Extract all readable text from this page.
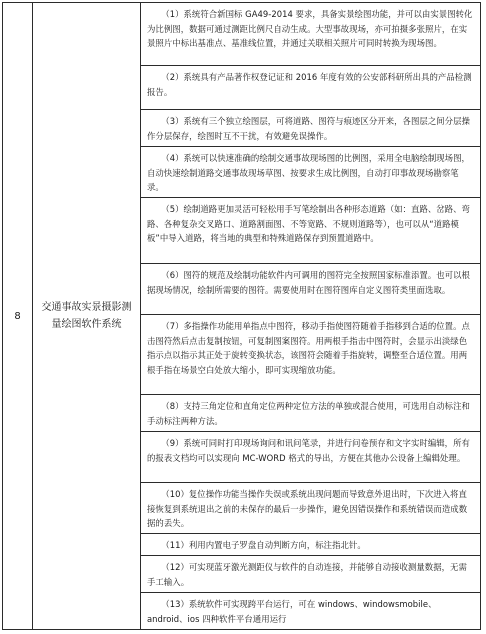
8
交通事故实景摄影测
量绘图软件系统

（1）系统符合新国标 GA49-2014 要求，具备实景绘图功能，并可以由实景图转化为比例图，数据可通过测距比例尺自动生成。大型事故现场，亦可拍摄多张照片，在实景照片中标出基准点、基准线位置，并通过关联相关照片可同时转换为现场图。

（2）系统具有产品著作权登记证和 2016 年度有效的公安部科研所出具的产品检测报告。

（3）系统有三个独立绘图层，可将道路、图符与痕迹区分开来，各图层之间分层操作分层保存，绘图时互不干扰，有效避免误操作。

（4）系统可以快速准确的绘制交通事故现场图的比例图，采用全电脑绘制现场图，自动快速绘制道路交通事故现场草图、按要求生成比例图，自动打印事故现场勘察笔录。

（5）绘制道路更加灵活可轻松用手写笔绘制出各种形态道路（如：直路、岔路、弯路、各种复杂交叉路口、道路割面图、不等宽路、不规则道路等），也可以从“道路模板”中导入道路，将当地的典型和特殊道路保存到预置道路中。

（6）图符的规范及绘制功能软件内可调用的图符完全按照国家标准添置。也可以根据现场情况，绘制所需要的图符。需要使用时在图符图库自定义图符类里面选取。

（7）多指操作功能用单指点中图符，移动手指使图符随着手指移到合适的位置。点击图符然后点击复制按钮，可复制图案图符。用两根手指击中图符时，会显示出淡绿色指示点以指示其正处于旋转变换状态，该图符会随着手指旋转，调整至合适位置。用两根手指在场景空白处放大缩小，即可实现缩放功能。

（8）支持三角定位和直角定位两种定位方法的单独或混合使用，可选用自动标注和手动标注两种方法。

（9）系统可同时打印现场询问和讯问笔录，并进行问卷预存和文字实时编辑，所有的报表文档均可以实现向 MC-WORD 格式的导出，方便在其他办公设备上编辑处理。

（10）复位操作功能当操作失误或系统出现问题而导致意外退出时，下次进入将直接恢复到系统退出之前的未保存的最后一步操作，避免因错误操作和系统错误而造成数据的丢失。

（11）利用内置电子罗盘自动判断方向，标注指北针。

（12）可实现蓝牙激光测距仪与软件的自动连接，并能够自动接收测量数据，无需手工输入。

（13）系统软件可实现跨平台运行，可在 windows、windowsmobile、android、ios 四种软件平台通用运行
